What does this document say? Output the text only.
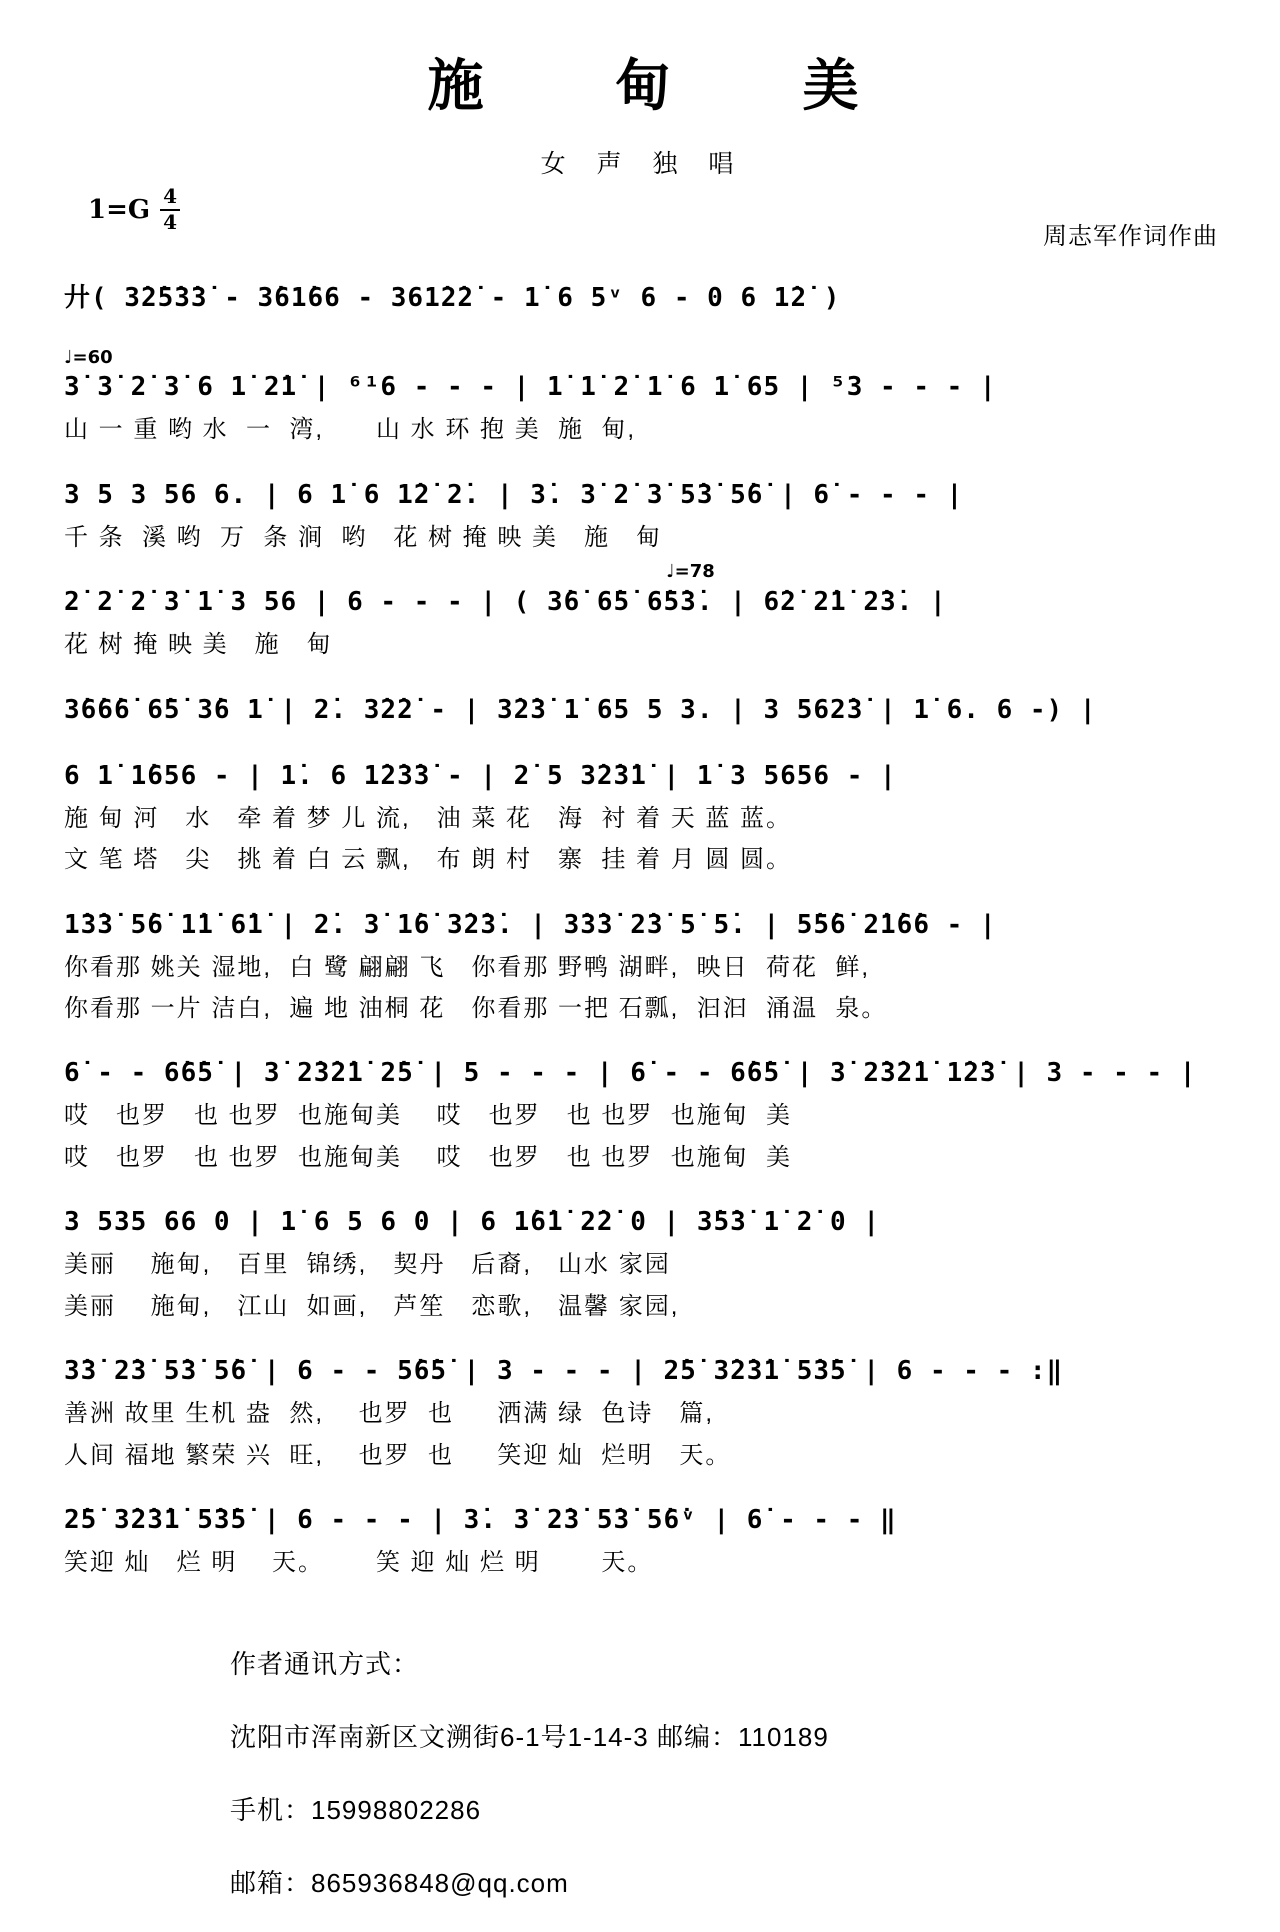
施 甸 美
女 声 独 唱
$1=G \frac{4}{4}$
周志军作词作曲
廾( 3̇2̇5̇3̇3̇ - 3̇61̇66 - 361̇2̇2̇ - 1̇ 6 5ᵛ 6 - 0 6 1̇2̇ )
♩=60
3̇ 3̇ 2̇ 3̇ 6 1̇ 2̇1̇ | ⁶¹6 - - - | 1̇ 1̇ 2̇ 1̇ 6 1̇ 65 | ⁵3 - - - |
山 一 重 哟 水  一  湾,      山 水 环 抱 美  施  甸,
3 5 3 56 6. | 6 1̇ 6 1̇2̇ 2̇. | 3̇. 3̇ 2̇ 3̇ 5̇3̇ 5̇6̇ | 6̇ - - - |
千 条  溪 哟  万  条 涧  哟   花 树 掩 映 美   施   甸
♩=78
2̇ 2̇ 2̇ 3̇ 1̇ 3 56 | 6 - - - | ( 3̇6̇ 6̇5̇ 6̇5̇3̇. | 6̇2̇ 2̇1̇ 2̇3̇. |
花 树 掩 映 美   施   甸
3̇6̇6̇6̇ 6̇5̇ 3̇6 1̇ | 2̇. 3̇2̇2̇ - | 3̇2̇3̇ 1̇ 65 5 3. | 3 562̇3̇ | 1̇ 6. 6 -) |
6 1̇ 1̇656 - | 1̇. 6 1̇2̇3̇3̇ - | 2̇ 5 3̇2̇3̇1̇ | 1̇ 3 5656 - |
施 甸 河   水   牵 着 梦 儿 流,   油 菜 花   海  衬 着 天 蓝 蓝。
文 笔 塔   尖   挑 着 白 云 飘,   布 朗 村   寨  挂 着 月 圆 圆。
1̇3̇3̇ 5̇6̇ 1̇1̇ 6̇1̇ | 2̇. 3̇ 1̇6̇ 3̇2̇3̇. | 3̇3̇3̇ 2̇3̇ 5̇ 5̇. | 5̇5̇6̇ 2̇1̇6̇6 - |
你看那 姚关 湿地,  白 鹭 翩翩 飞   你看那 野鸭 湖畔,  映日  荷花  鲜,
你看那 一片 洁白,  遍 地 油桐 花   你看那 一把 石瓢,  汩汩  涌温  泉。
6̇ - - 6̇6̇5̇ | 3̇ 2̇3̇2̇1̇ 2̇5̇ | 5 - - - | 6̇ - - 6̇6̇5̇ | 3̇ 2̇3̇2̇1̇ 1̇2̇3̇ | 3 - - - |
哎   也罗   也 也罗  也施甸美    哎   也罗   也 也罗  也施甸  美
哎   也罗   也 也罗  也施甸美    哎   也罗   也 也罗  也施甸  美
3 535 66 0 | 1̇ 6 5 6 0 | 6 1̇6̇1̇ 2̇2̇ 0 | 3̇5̇3̇ 1̇ 2̇ 0 |
美丽    施甸,   百里  锦绣,   契丹   后裔,   山水 家园
美丽    施甸,   江山  如画,   芦笙   恋歌,   温馨 家园,
3̇3̇ 2̇3̇ 5̇3̇ 5̇6̇ | 6 - - 5̇6̇5̇ | 3 - - - | 2̇5̇ 3̇2̇3̇1̇ 5̇3̇5̇ | 6 - - - :‖
善洲 故里 生机 盎  然,    也罗  也     洒满 绿  色诗   篇,
人间 福地 繁荣 兴  旺,    也罗  也     笑迎 灿  烂明   天。
2̇5̇ 3̇2̇3̇1̇ 5̇3̇5̇ | 6 - - - | 3̇. 3̇ 2̇3̇ 5̇3̇ 5̇6̇ᵛ | 6̇ - - - ‖
笑迎 灿   烂 明    天。      笑 迎 灿 烂 明       天。
作者通讯方式：
沈阳市浑南新区文溯街6-1号1-14-3 邮编：110189
手机：15998802286
邮箱：865936848@qq.com
